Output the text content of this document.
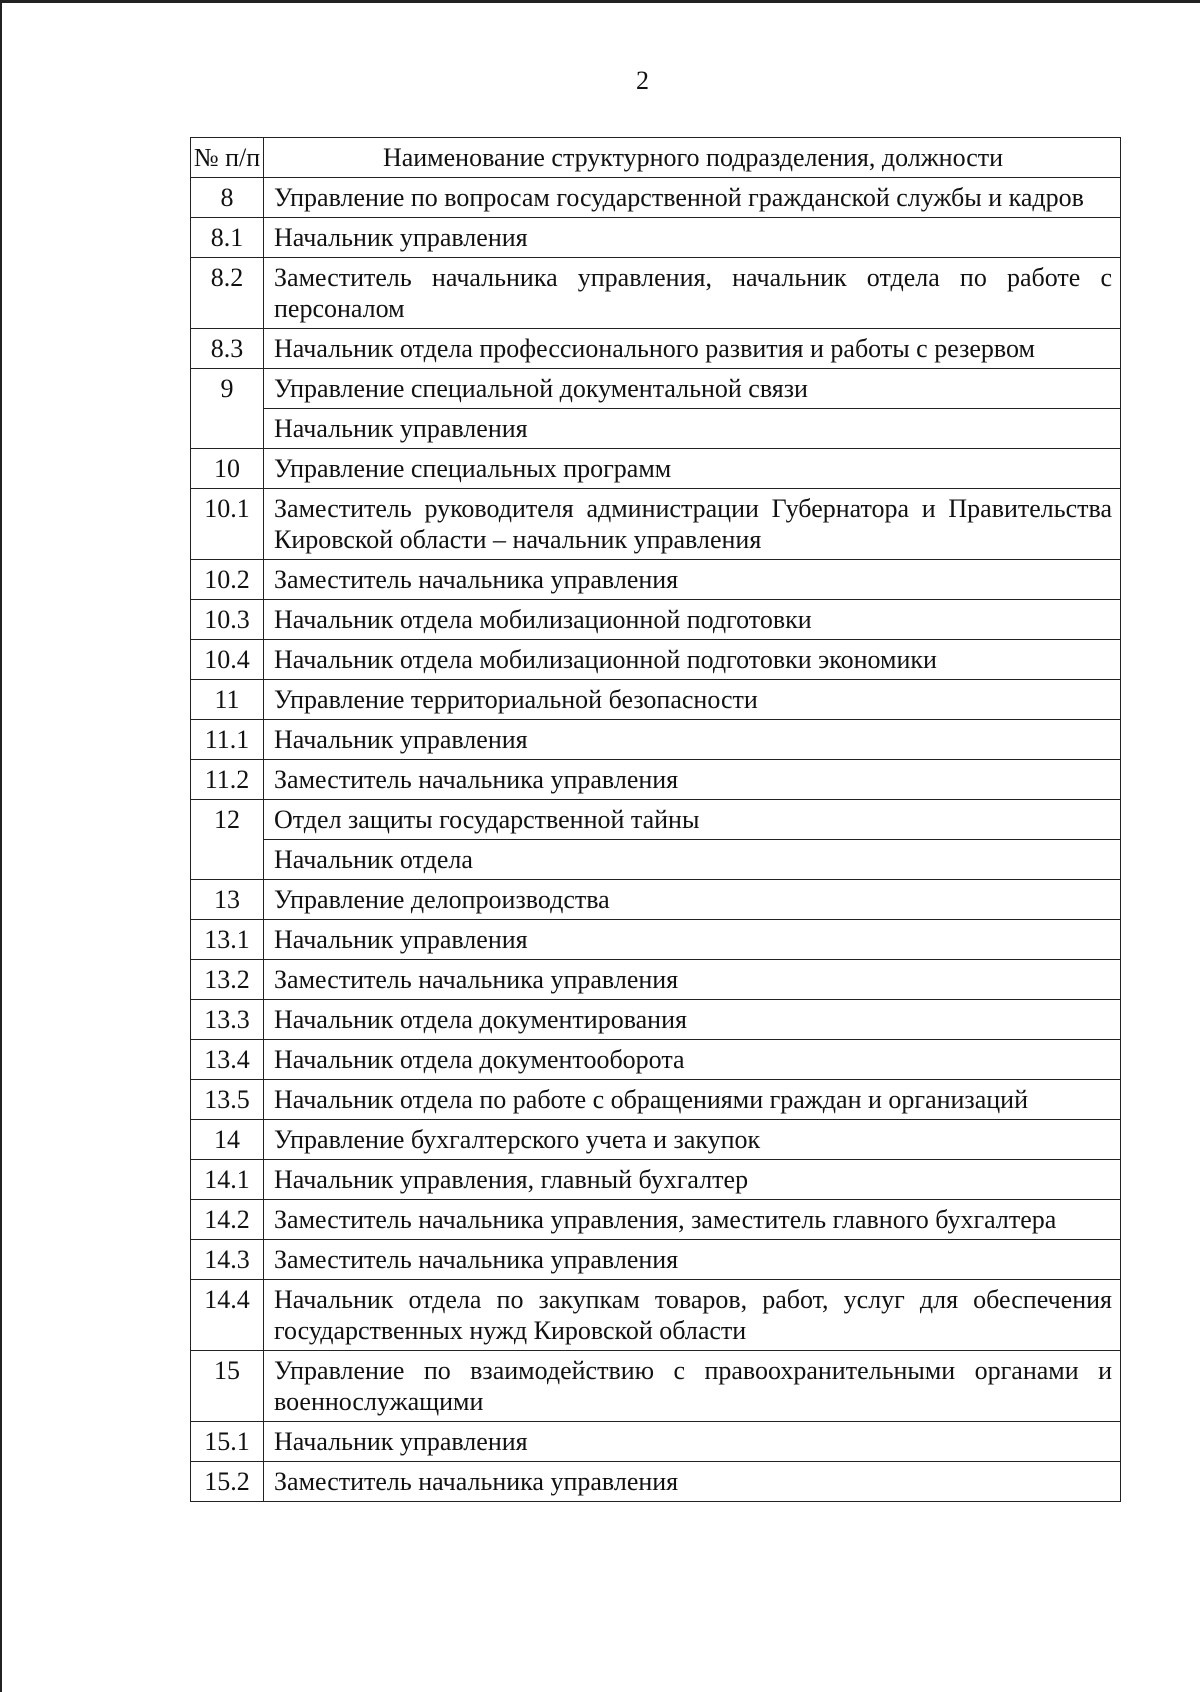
2
№ п/п	Наименование структурного подразделения, должности
8	Управление по вопросам государственной гражданской службы и кадров
8.1	Начальник управления
8.2	Заместитель начальника управления, начальник отдела по работе с персоналом
8.3	Начальник отдела профессионального развития и работы с резервом
9	Управление специальной документальной связи
	Начальник управления
10	Управление специальных программ
10.1	Заместитель руководителя администрации Губернатора и Правительства Кировской области – начальник управления
10.2	Заместитель начальника управления
10.3	Начальник отдела мобилизационной подготовки
10.4	Начальник отдела мобилизационной подготовки экономики
11	Управление территориальной безопасности
11.1	Начальник управления
11.2	Заместитель начальника управления
12	Отдел защиты государственной тайны
	Начальник отдела
13	Управление делопроизводства
13.1	Начальник управления
13.2	Заместитель начальника управления
13.3	Начальник отдела документирования
13.4	Начальник отдела документооборота
13.5	Начальник отдела по работе с обращениями граждан и организаций
14	Управление бухгалтерского учета и закупок
14.1	Начальник управления, главный бухгалтер
14.2	Заместитель начальника управления, заместитель главного бухгалтера
14.3	Заместитель начальника управления
14.4	Начальник отдела по закупкам товаров, работ, услуг для обеспечения государственных нужд Кировской области
15	Управление по взаимодействию с правоохранительными органами и военнослужащими
15.1	Начальник управления
15.2	Заместитель начальника управления
